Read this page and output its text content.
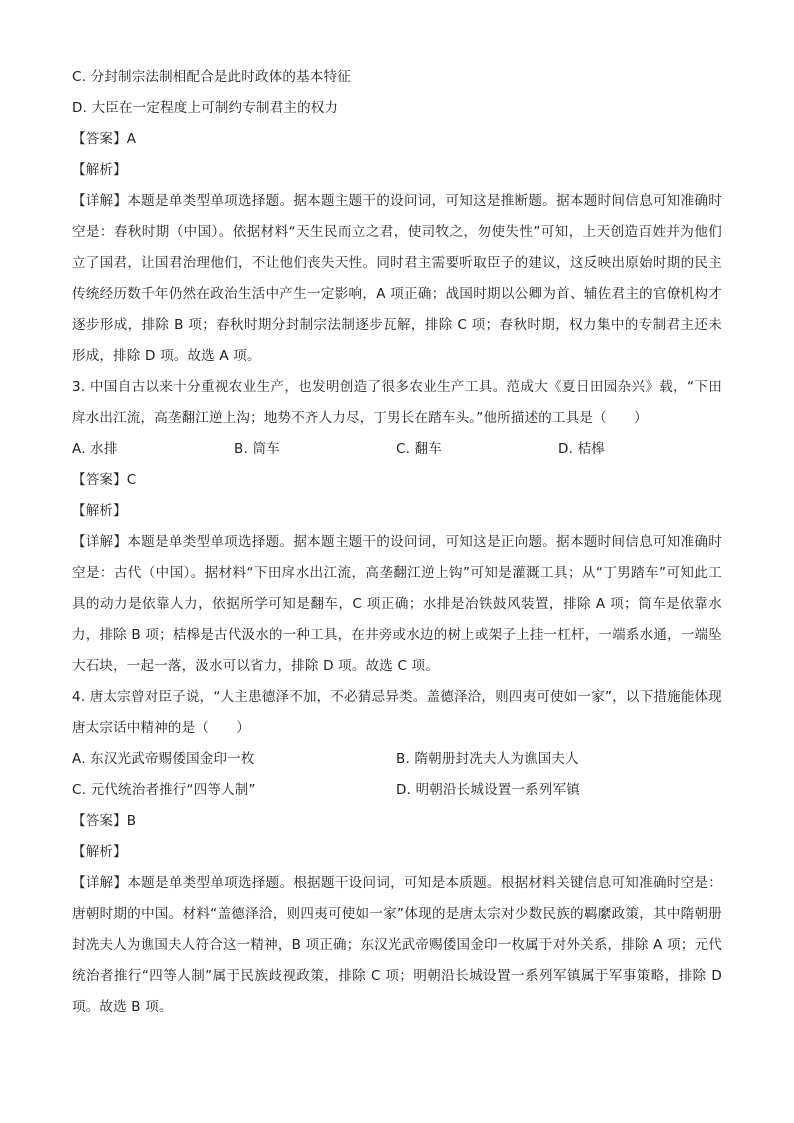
C. 分封制宗法制相配合是此时政体的基本特征
D. 大臣在一定程度上可制约专制君主的权力
【答案】A
【解析】
【详解】本题是单类型单项选择题。据本题主题干的设问词，可知这是推断题。据本题时间信息可知准确时空是：春秋时期（中国）。依据材料“天生民而立之君，使司牧之，勿使失性”可知，上天创造百姓并为他们立了国君，让国君治理他们，不让他们丧失天性。同时君主需要听取臣子的建议，这反映出原始时期的民主传统经历数千年仍然在政治生活中产生一定影响，A 项正确；战国时期以公卿为首、辅佐君主的官僚机构才逐步形成，排除 B 项；春秋时期分封制宗法制逐步瓦解，排除 C 项；春秋时期，权力集中的专制君主还未形成，排除 D 项。故选 A 项。
3. 中国自古以来十分重视农业生产，也发明创造了很多农业生产工具。范成大《夏日田园杂兴》载，“下田戽水出江流，高垄翻江逆上沟；地势不齐人力尽，丁男长在踏车头。”他所描述的工具是（　　）
A. 水排	B. 筒车	C. 翻车	D. 桔槔
【答案】C
【解析】
【详解】本题是单类型单项选择题。据本题主题干的设问词，可知这是正向题。据本题时间信息可知准确时空是：古代（中国）。据材料“下田戽水出江流，高垄翻江逆上钩”可知是灌溉工具；从“丁男踏车”可知此工具的动力是依靠人力，依据所学可知是翻车，C 项正确；水排是冶铁鼓风装置，排除 A 项；筒车是依靠水力，排除 B 项；桔槔是古代汲水的一种工具，在井旁或水边的树上或架子上挂一杠杆，一端系水通，一端坠大石块，一起一落，汲水可以省力，排除 D 项。故选 C 项。
4. 唐太宗曾对臣子说，“人主患德泽不加，不必猜忌异类。盖德泽洽，则四夷可使如一家”，以下措施能体现唐太宗话中精神的是（　　）
A. 东汉光武帝赐倭国金印一枚	B. 隋朝册封冼夫人为谯国夫人
C. 元代统治者推行“四等人制”	D. 明朝沿长城设置一系列军镇
【答案】B
【解析】
【详解】本题是单类型单项选择题。根据题干设问词，可知是本质题。根据材料关键信息可知准确时空是：唐朝时期的中国。材料“盖德泽洽，则四夷可使如一家”体现的是唐太宗对少数民族的羁縻政策，其中隋朝册封冼夫人为谯国夫人符合这一精神，B 项正确；东汉光武帝赐倭国金印一枚属于对外关系，排除 A 项；元代统治者推行“四等人制”属于民族歧视政策，排除 C 项；明朝沿长城设置一系列军镇属于军事策略，排除 D 项。故选 B 项。
